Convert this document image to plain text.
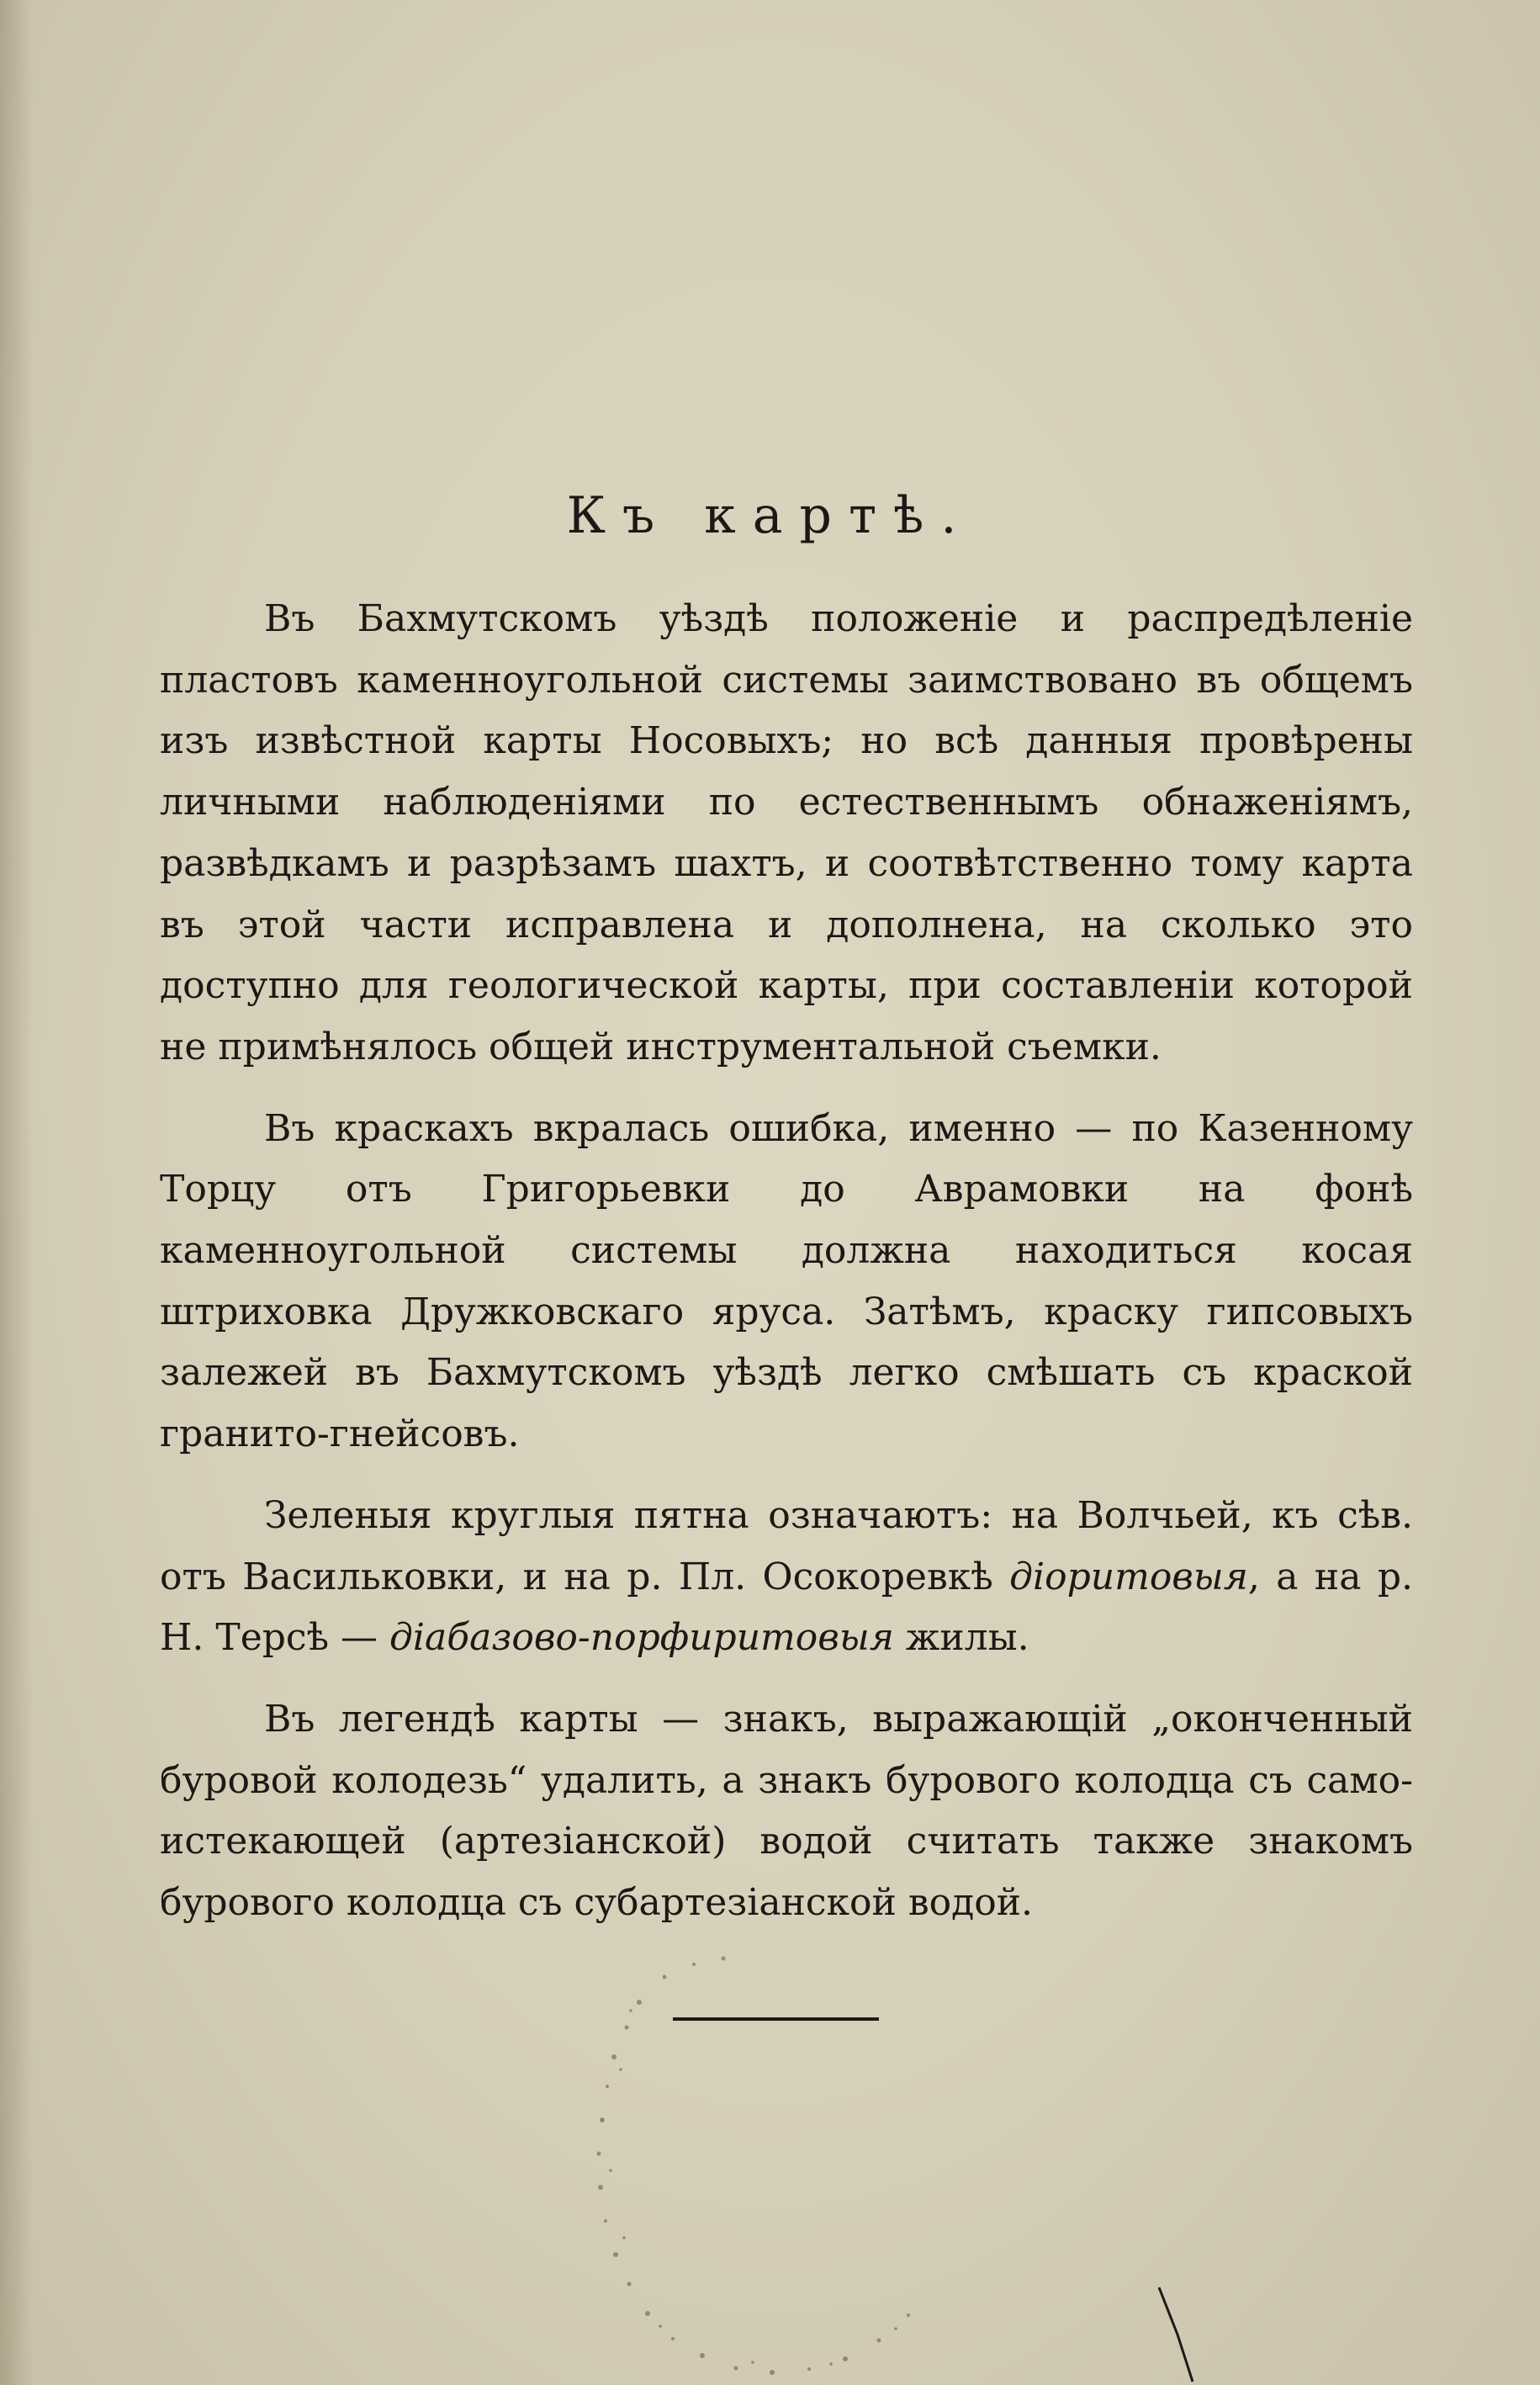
Къ картѣ.

Въ Бахмутскомъ уѣздѣ положеніе и распредѣленіе пластовъ каменноугольной системы заимствовано въ общемъ изъ извѣстной карты Носовыхъ; но всѣ данныя провѣрены личными наблюденіями по естественнымъ обнаженіямъ, развѣдкамъ и разрѣзамъ шахтъ, и соотвѣтственно тому карта въ этой части исправлена и дополнена, на сколько это доступно для геологической карты, при составленіи которой не примѣнялось общей инструментальной съемки.

Въ краскахъ вкралась ошибка, именно — по Казенному Торцу отъ Григорьевки до Аврамовки на фонѣ каменноугольной системы должна находиться косая штриховка Дружковскаго яруса. Затѣмъ, краску гипсовыхъ залежей въ Бахмутскомъ уѣздѣ легко смѣшать съ краской гранито-гнейсовъ.

Зеленыя круглыя пятна означаютъ: на Волчьей, къ сѣв. отъ Васильковки, и на р. Пл. Осокоревкѣ діоритовыя, а на р. Н. Терсѣ — діабазово-порфиритовыя жилы.

Въ легендѣ карты — знакъ, выражающій „оконченный буровой колодезь“ удалить, а знакъ бурового колодца съ само-истекающей (артезіанской) водой считать также знакомъ бурового колодца съ субартезіанской водой.
